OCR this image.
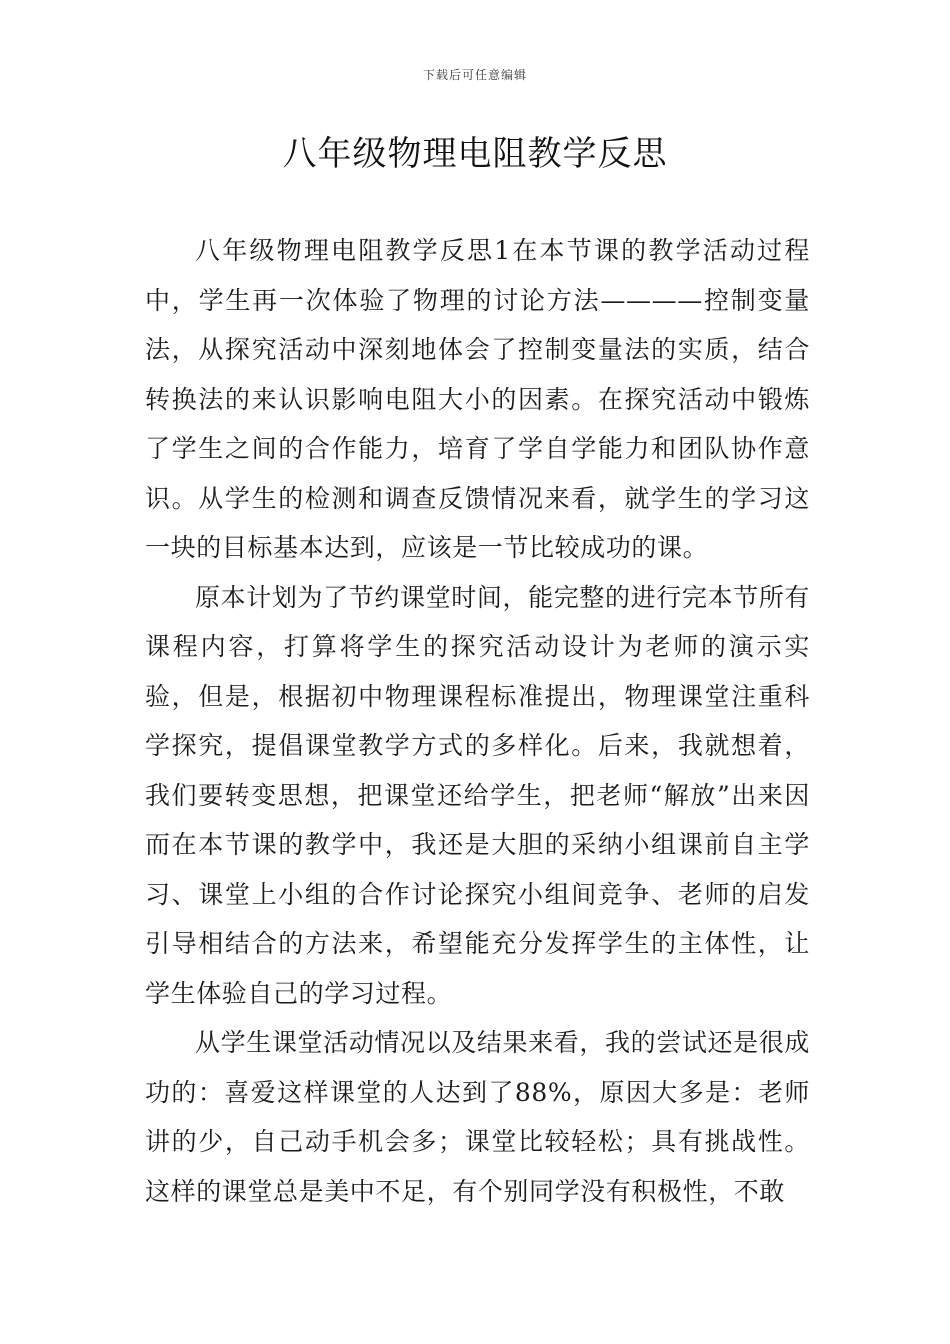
下载后可任意编辑
八年级物理电阻教学反思

八年级物理电阻教学反思1在本节课的教学活动过程中，学生再一次体验了物理的讨论方法————控制变量法，从探究活动中深刻地体会了控制变量法的实质，结合转换法的来认识影响电阻大小的因素。在探究活动中锻炼了学生之间的合作能力，培育了学自学能力和团队协作意识。从学生的检测和调查反馈情况来看，就学生的学习这一块的目标基本达到，应该是一节比较成功的课。

原本计划为了节约课堂时间，能完整的进行完本节所有课程内容，打算将学生的探究活动设计为老师的演示实验，但是，根据初中物理课程标准提出，物理课堂注重科学探究，提倡课堂教学方式的多样化。后来，我就想着，我们要转变思想，把课堂还给学生，把老师“解放”出来因而在本节课的教学中，我还是大胆的采纳小组课前自主学习、课堂上小组的合作讨论探究小组间竞争、老师的启发引导相结合的方法来，希望能充分发挥学生的主体性，让学生体验自己的学习过程。

从学生课堂活动情况以及结果来看，我的尝试还是很成功的：喜爱这样课堂的人达到了88%，原因大多是：老师讲的少，自己动手机会多；课堂比较轻松；具有挑战性。这样的课堂总是美中不足，有个别同学没有积极性，不敢
